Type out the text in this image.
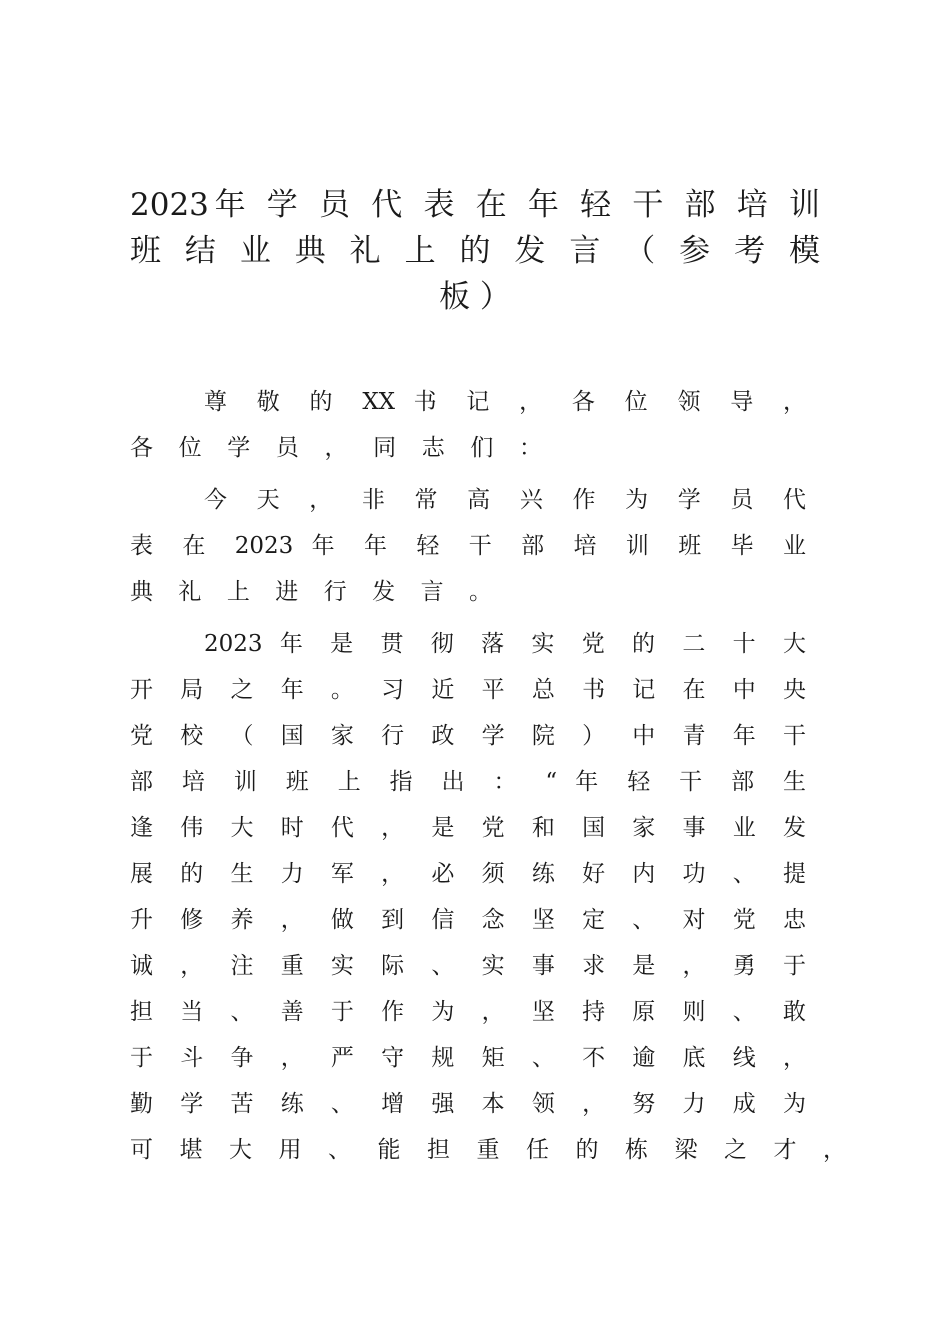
2023年 学 员 代 表 在 年 轻 干 部 培 训
班 结 业 典 礼 上 的 发 言 （ 参 考 模
板 ）
尊 敬 的 XX 书 记 ， 各 位 领 导 ，
各 位 学 员 ， 同 志 们 ：
今 天 ， 非 常 高 兴 作 为 学 员 代
表 在 2023 年 年 轻 干 部 培 训 班 毕 业
典 礼 上 进 行 发 言 。
2023 年 是 贯 彻 落 实 党 的 二 十 大
开 局 之 年 。 习 近 平 总 书 记 在 中 央
党 校 （ 国 家 行 政 学 院 ） 中 青 年 干
部 培 训 班 上 指 出 ： “ 年 轻 干 部 生
逢 伟 大 时 代 ， 是 党 和 国 家 事 业 发
展 的 生 力 军 ， 必 须 练 好 内 功 、 提
升 修 养 ， 做 到 信 念 坚 定 、 对 党 忠
诚 ， 注 重 实 际 、 实 事 求 是 ， 勇 于
担 当 、 善 于 作 为 ， 坚 持 原 则 、 敢
于 斗 争 ， 严 守 规 矩 、 不 逾 底 线 ，
勤 学 苦 练 、 增 强 本 领 ， 努 力 成 为
可 堪 大 用 、 能 担 重 任 的 栋 梁 之 才 ，
